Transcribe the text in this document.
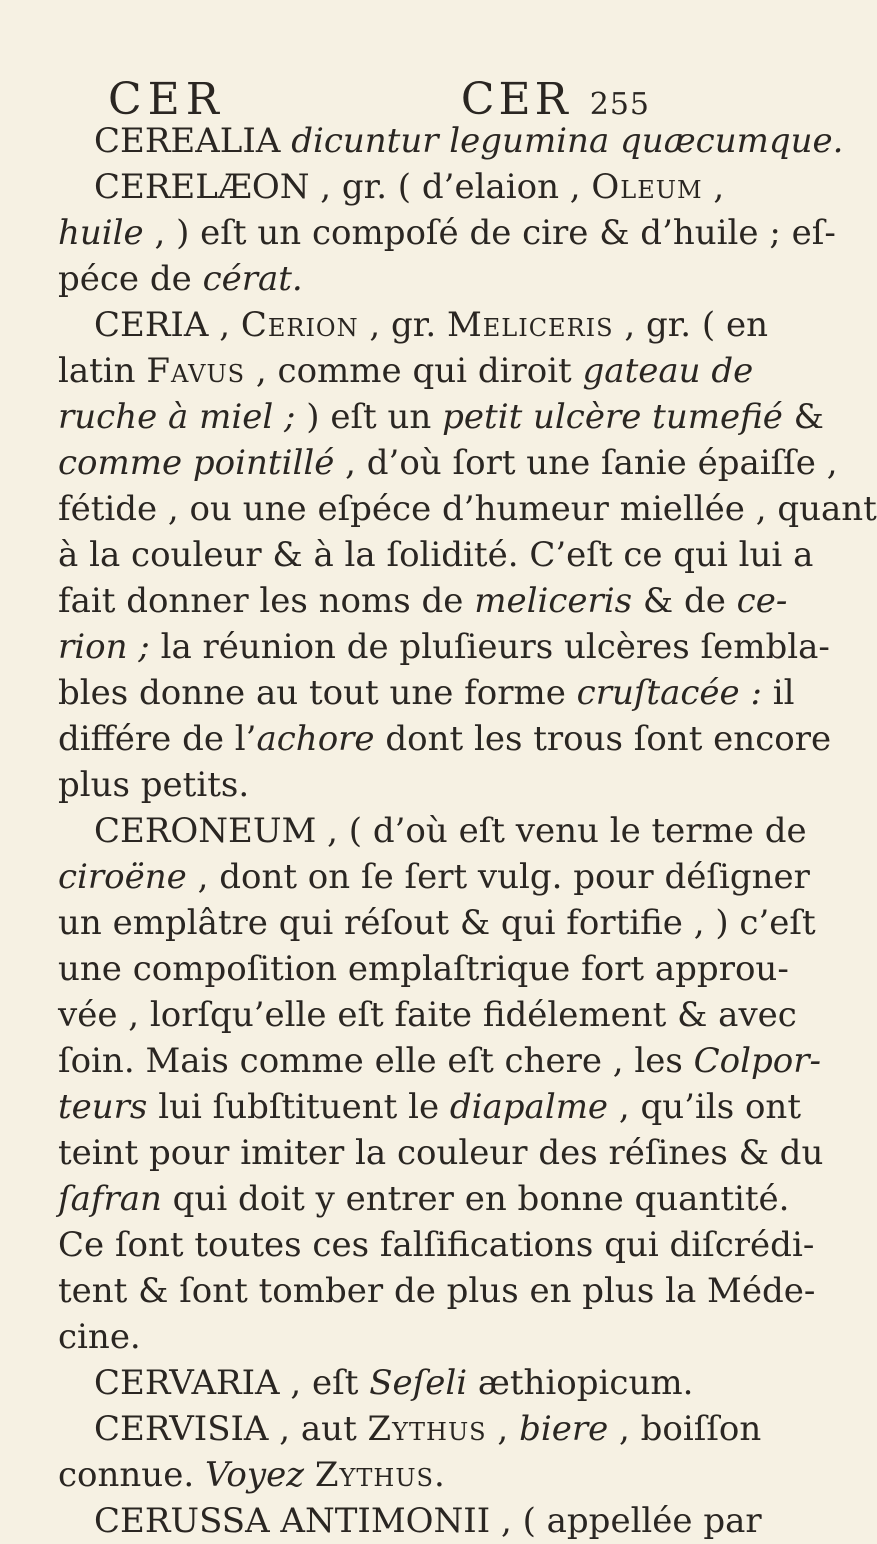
CER	CER 255
CEREALIA dicuntur legumina quæcumque.
CERELÆON , gr. ( d’elaion , Oleum ,
huile , ) eſt un compoſé de cire & d’huile ; eſ-
péce de cérat.
CERIA , Cerion , gr. Meliceris , gr. ( en
latin Favus , comme qui diroit gateau de
ruche à miel ; ) eſt un petit ulcère tumefié &
comme pointillé , d’où ſort une ſanie épaiſſe ,
fétide , ou une eſpéce d’humeur miellée , quant
à la couleur & à la ſolidité. C’eſt ce qui lui a
fait donner les noms de meliceris & de ce-
rion ; la réunion de pluſieurs ulcères ſembla-
bles donne au tout une forme cruſtacée : il
différe de l’achore dont les trous ſont encore
plus petits.
CERONEUM , ( d’où eſt venu le terme de
ciroëne , dont on ſe ſert vulg. pour déſigner
un emplâtre qui réſout & qui fortifie , ) c’eſt
une compoſition emplaſtrique fort approu-
vée , lorſqu’elle eſt faite fidélement & avec
ſoin. Mais comme elle eſt chere , les Colpor-
teurs lui ſubſtituent le diapalme , qu’ils ont
teint pour imiter la couleur des réſines & du
ſafran qui doit y entrer en bonne quantité.
Ce ſont toutes ces falſifications qui diſcrédi-
tent & ſont tomber de plus en plus la Méde-
cine.
CERVARIA , eſt Seſeli æthiopicum.
CERVISIA , aut Zythus , biere , boiſſon
connue. Voyez Zythus.
CERUSSA ANTIMONII , ( appellée par
